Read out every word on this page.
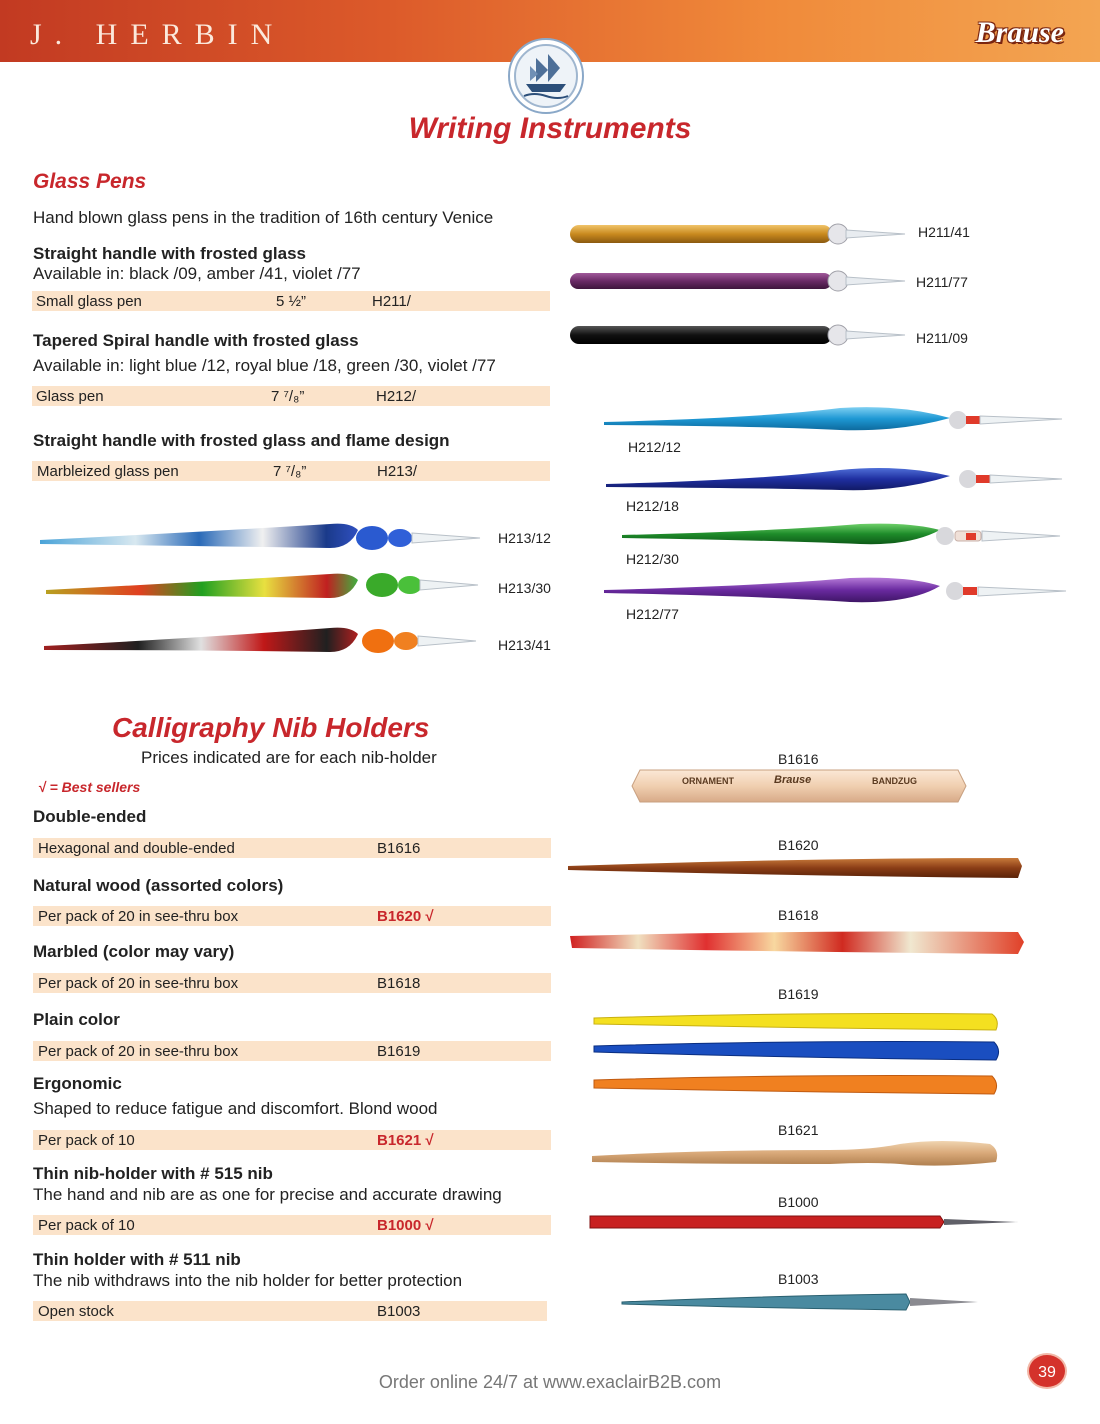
J. HERBIN	Brause
Writing Instruments
Glass Pens
Hand blown glass pens in the tradition of 16th century Venice
Straight handle with frosted glass
Available in: black /09, amber /41, violet /77
Small glass pen	5 ½”	H211/
Tapered Spiral handle with frosted glass
Available in: light blue /12, royal blue /18, green /30, violet /77
Glass pen	7 ⁷/₈”	H212/
Straight handle with frosted glass and flame design
Marbleized glass pen	7 ⁷/₈”	H213/
Calligraphy Nib Holders
Prices indicated are for each nib-holder
√ = Best sellers
Double-ended
Hexagonal and double-ended	B1616
Natural wood (assorted colors)
Per pack of 20 in see-thru box	B1620 √
Marbled (color may vary)
Per pack of 20 in see-thru box	B1618
Plain color
Per pack of 20 in see-thru box	B1619
Ergonomic
Shaped to reduce fatigue and discomfort. Blond wood
Per pack of 10	B1621 √
Thin nib-holder with # 515 nib
The hand and nib are as one for precise and accurate drawing
Per pack of 10	B1000 √
Thin holder with # 511 nib
The nib withdraws into the nib holder for better protection
Open stock	B1003
H211/41
H211/77
H211/09
H212/12
H212/18
H212/30
H212/77
H213/12
H213/30
H213/41
B1616
B1620
B1618
B1619
B1621
B1000
B1003
ORNAMENT	Brause	BANDZUG
Order online 24/7 at www.exaclairB2B.com	39
